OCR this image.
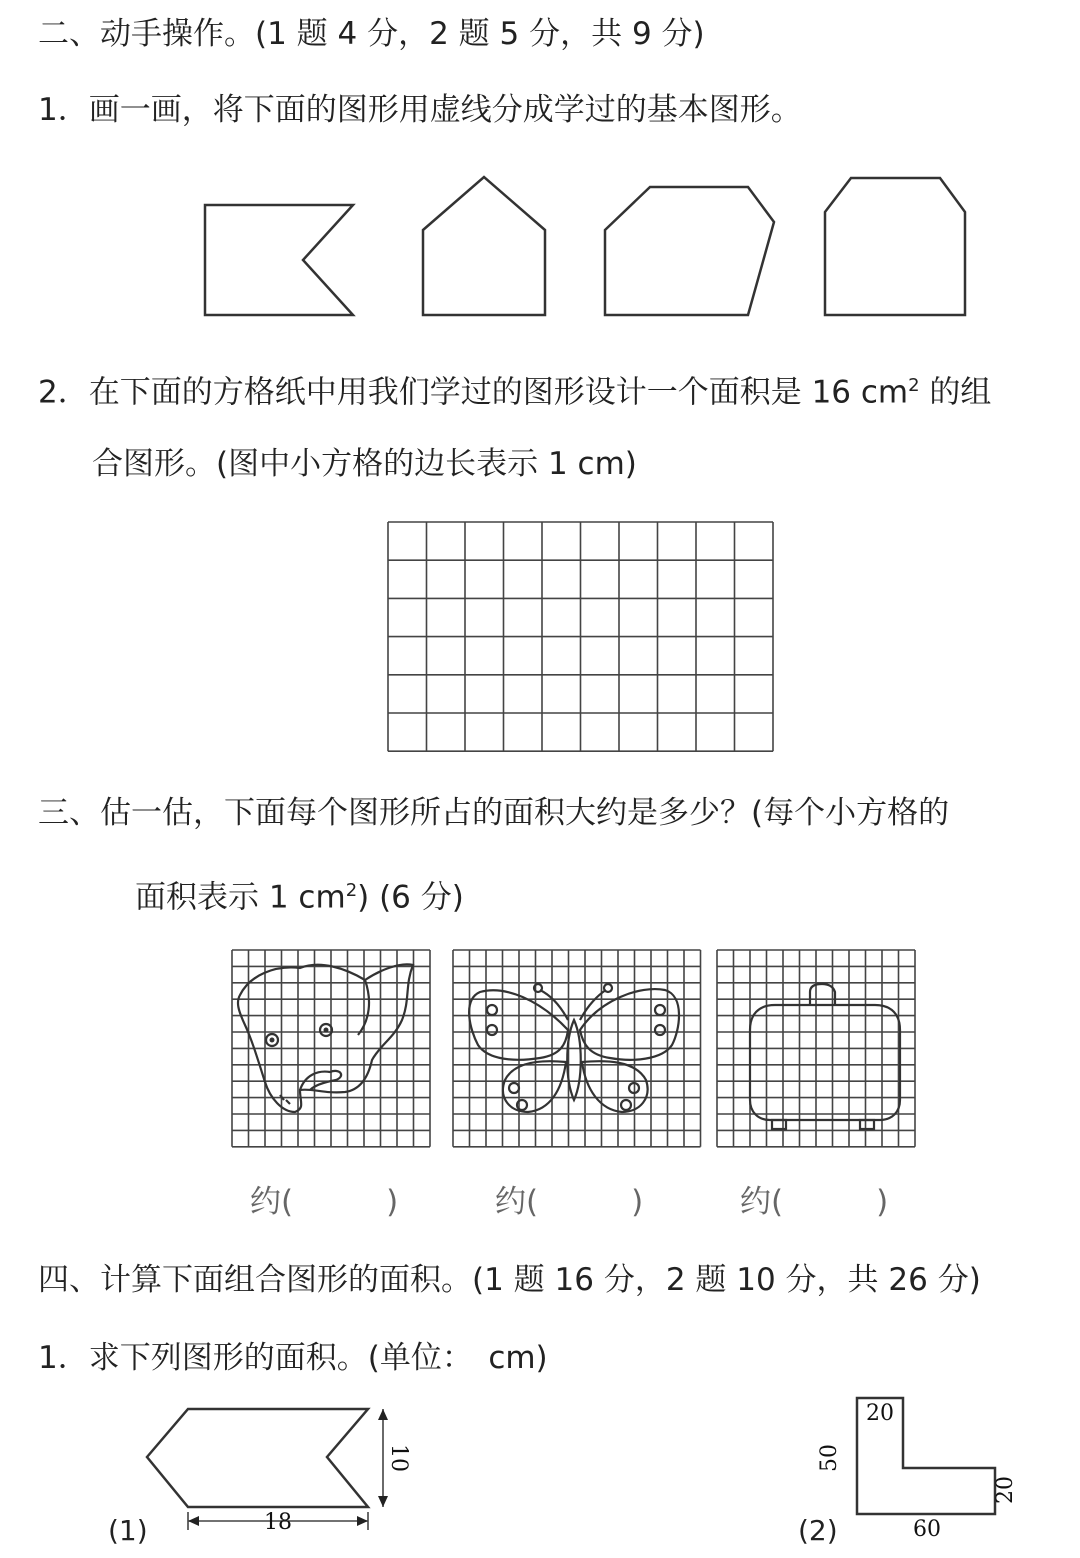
二、动手操作。(1 题 4 分，2 题 5 分，共 9 分)
1．画一画，将下面的图形用虚线分成学过的基本图形。
2．在下面的方格纸中用我们学过的图形设计一个面积是 16 $cm^2$ 的组
合图形。(图中小方格的边长表示 1 cm)
三、估一估，下面每个图形所占的面积大约是多少？(每个小方格的
面积表示 1 $cm^2$) (6 分)
约(　　　)	约(　　　)	约(　　　)
四、计算下面组合图形的面积。(1 题 16 分，2 题 10 分，共 26 分)
1．求下列图形的面积。(单位：　cm)
10
18
(1)
20
50
20
60
(2)
